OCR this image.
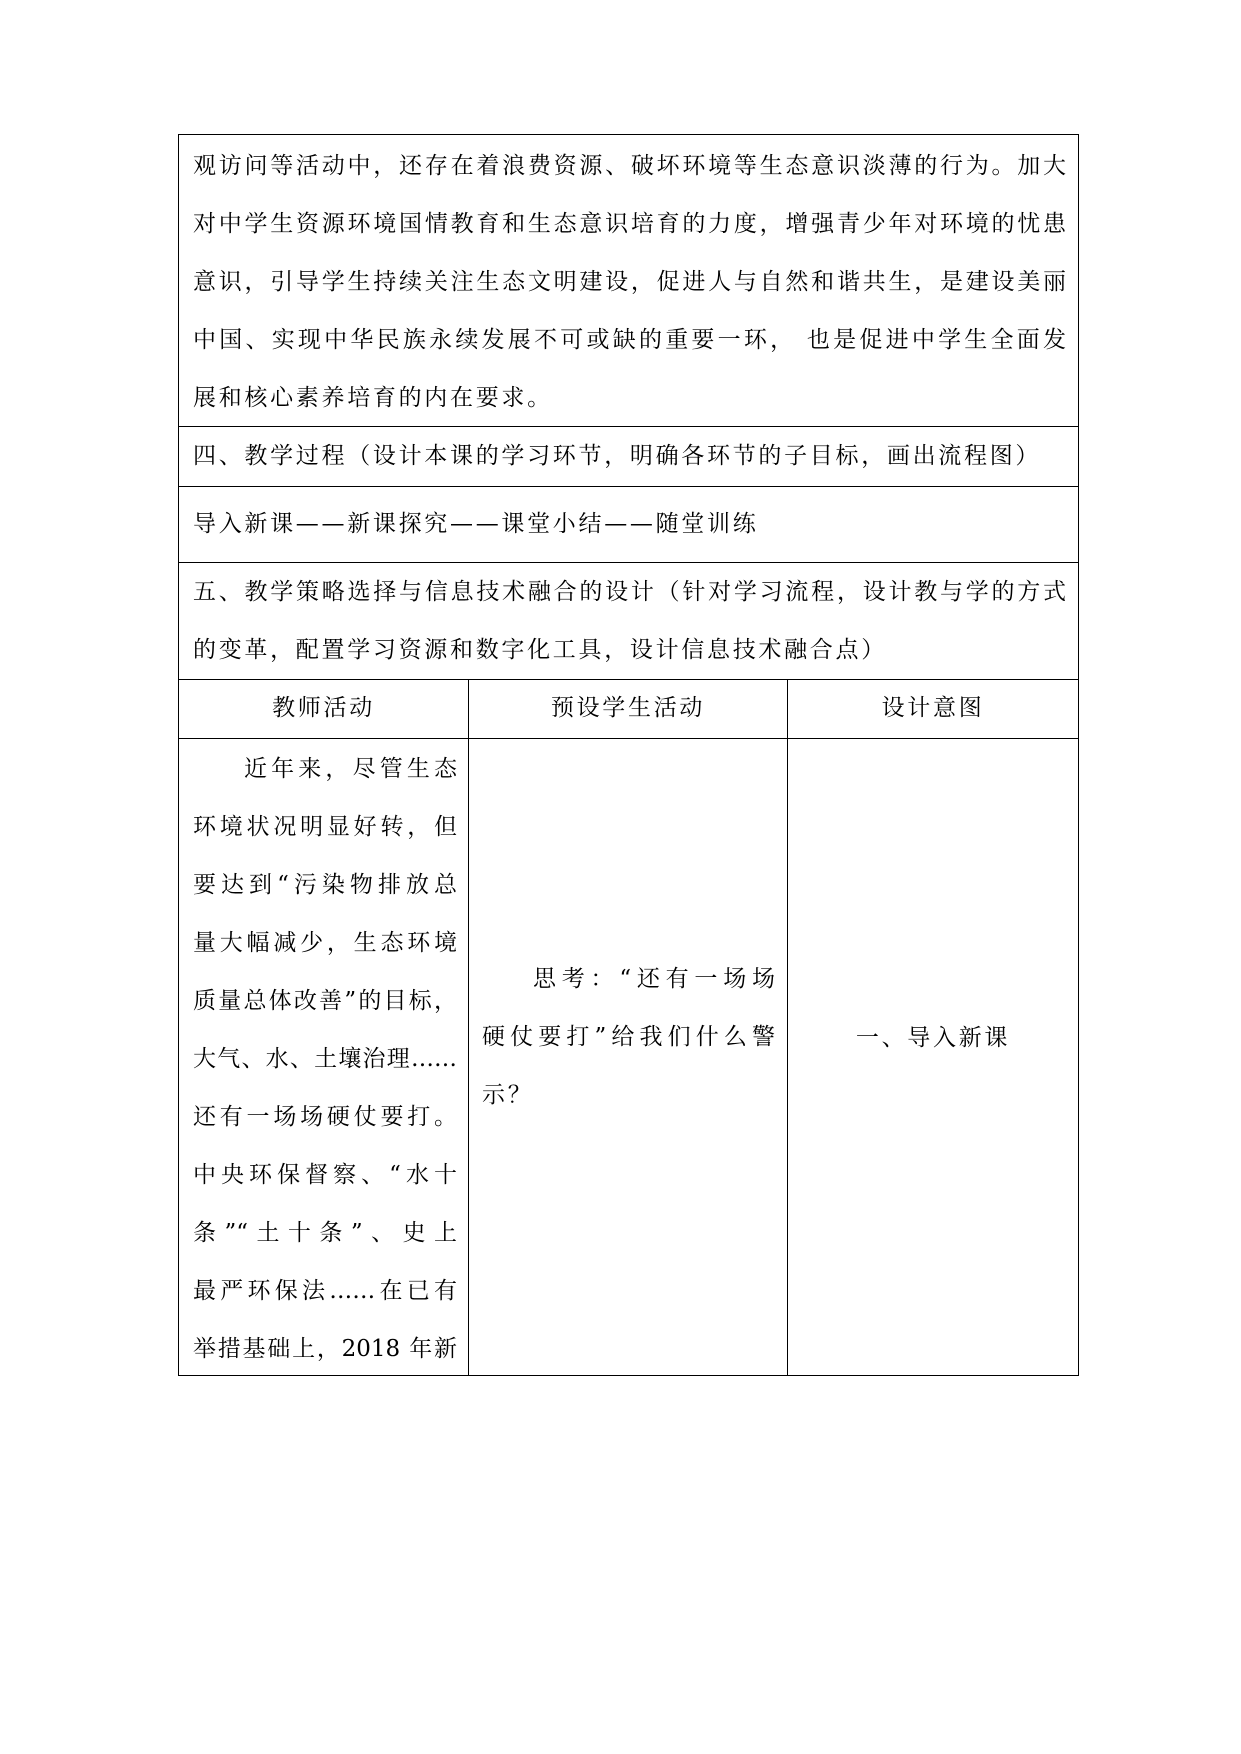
观访问等活动中，还存在着浪费资源、破坏环境等生态意识淡薄的行为。加大
对中学生资源环境国情教育和生态意识培育的力度，增强青少年对环境的忧患
意识，引导学生持续关注生态文明建设，促进人与自然和谐共生，是建设美丽
中国、实现中华民族永续发展不可或缺的重要一环， 也是促进中学生全面发
展和核心素养培育的内在要求。
四、教学过程（设计本课的学习环节，明确各环节的子目标，画出流程图）
导入新课——新课探究——课堂小结——随堂训练
五、教学策略选择与信息技术融合的设计（针对学习流程，设计教与学的方式
的变革，配置学习资源和数字化工具，设计信息技术融合点）
教师活动	预设学生活动	设计意图
近年来，尽管生态
环境状况明显好转，但
要达到“污染物排放总
量大幅减少，生态环境
质量总体改善”的目标，
大气、水、土壤治理……
还有一场场硬仗要打。
中央环保督察、“水十
条”“土十条”、史上
最严环保法……在已有
举措基础上，2018 年新
思考：“还有一场场
硬仗要打”给我们什么警
示？
一、导入新课
